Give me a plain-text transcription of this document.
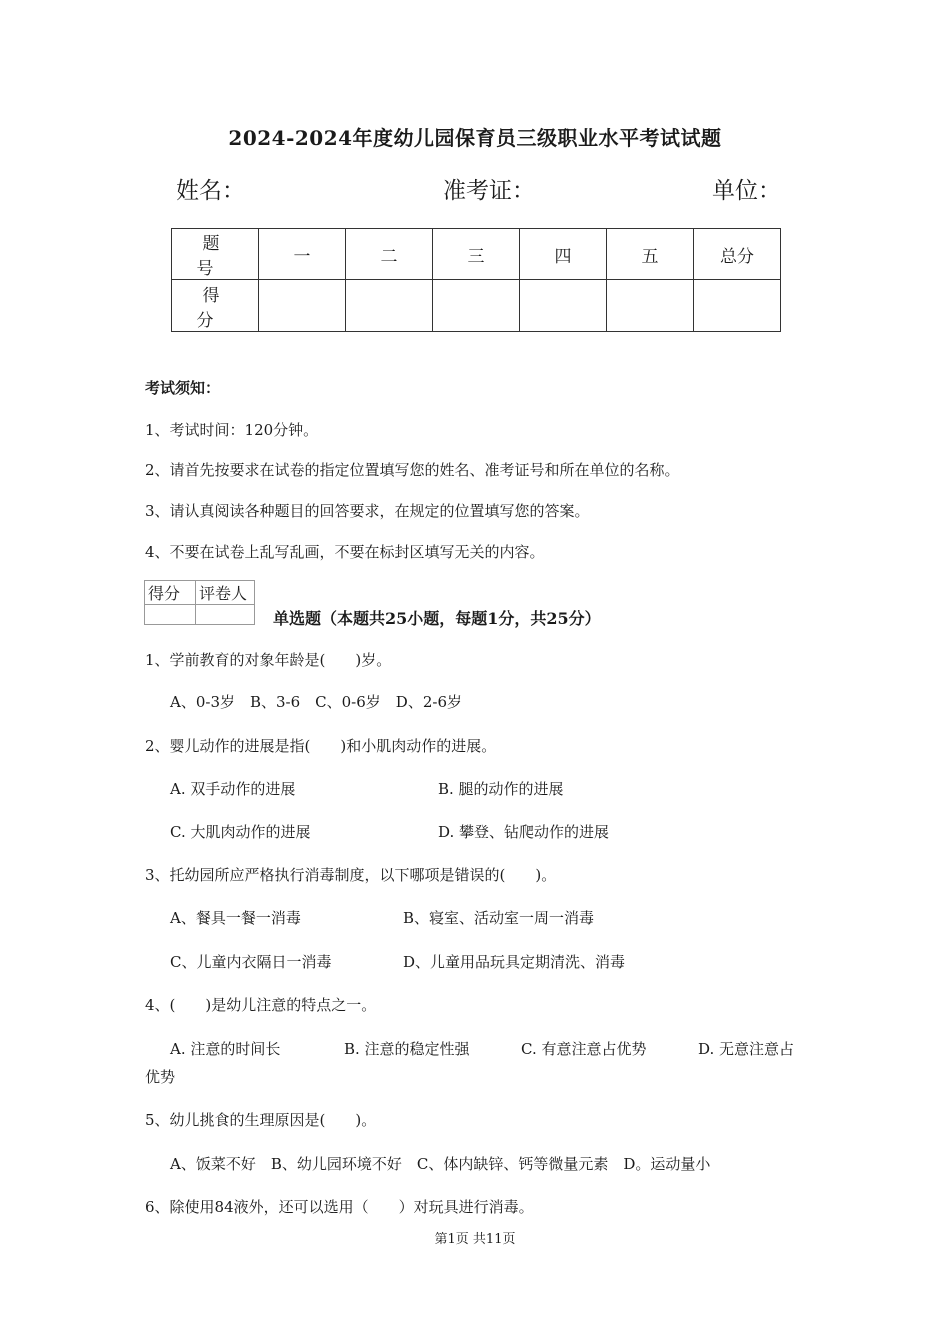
2024-2024年度幼儿园保育员三级职业水平考试试题
姓名：	准考证：	单位：
题　号	一	二	三	四	五	总分
得　分						
考试须知：
1、考试时间：120分钟。
2、请首先按要求在试卷的指定位置填写您的姓名、准考证号和所在单位的名称。
3、请认真阅读各种题目的回答要求，在规定的位置填写您的答案。
4、不要在试卷上乱写乱画，不要在标封区填写无关的内容。
得分	评卷人

单选题（本题共25小题，每题1分，共25分）
1、学前教育的对象年龄是(　　)岁。
A、0-3岁　B、3-6　C、0-6岁　D、2-6岁
2、婴儿动作的进展是指(　　)和小肌肉动作的进展。
A. 双手动作的进展	B. 腿的动作的进展
C. 大肌肉动作的进展	D. 攀登、钻爬动作的进展
3、托幼园所应严格执行消毒制度，以下哪项是错误的(　　)。
A、餐具一餐一消毒	B、寝室、活动室一周一消毒
C、儿童内衣隔日一消毒	D、儿童用品玩具定期清洗、消毒
4、(　　)是幼儿注意的特点之一。
A. 注意的时间长	B. 注意的稳定性强	C. 有意注意占优势	D. 无意注意占
优势
5、幼儿挑食的生理原因是(　　)。
A、饭菜不好　B、幼儿园环境不好　C、体内缺锌、钙等微量元素　D。运动量小
6、除使用84液外，还可以选用（　　）对玩具进行消毒。
第1页 共11页
